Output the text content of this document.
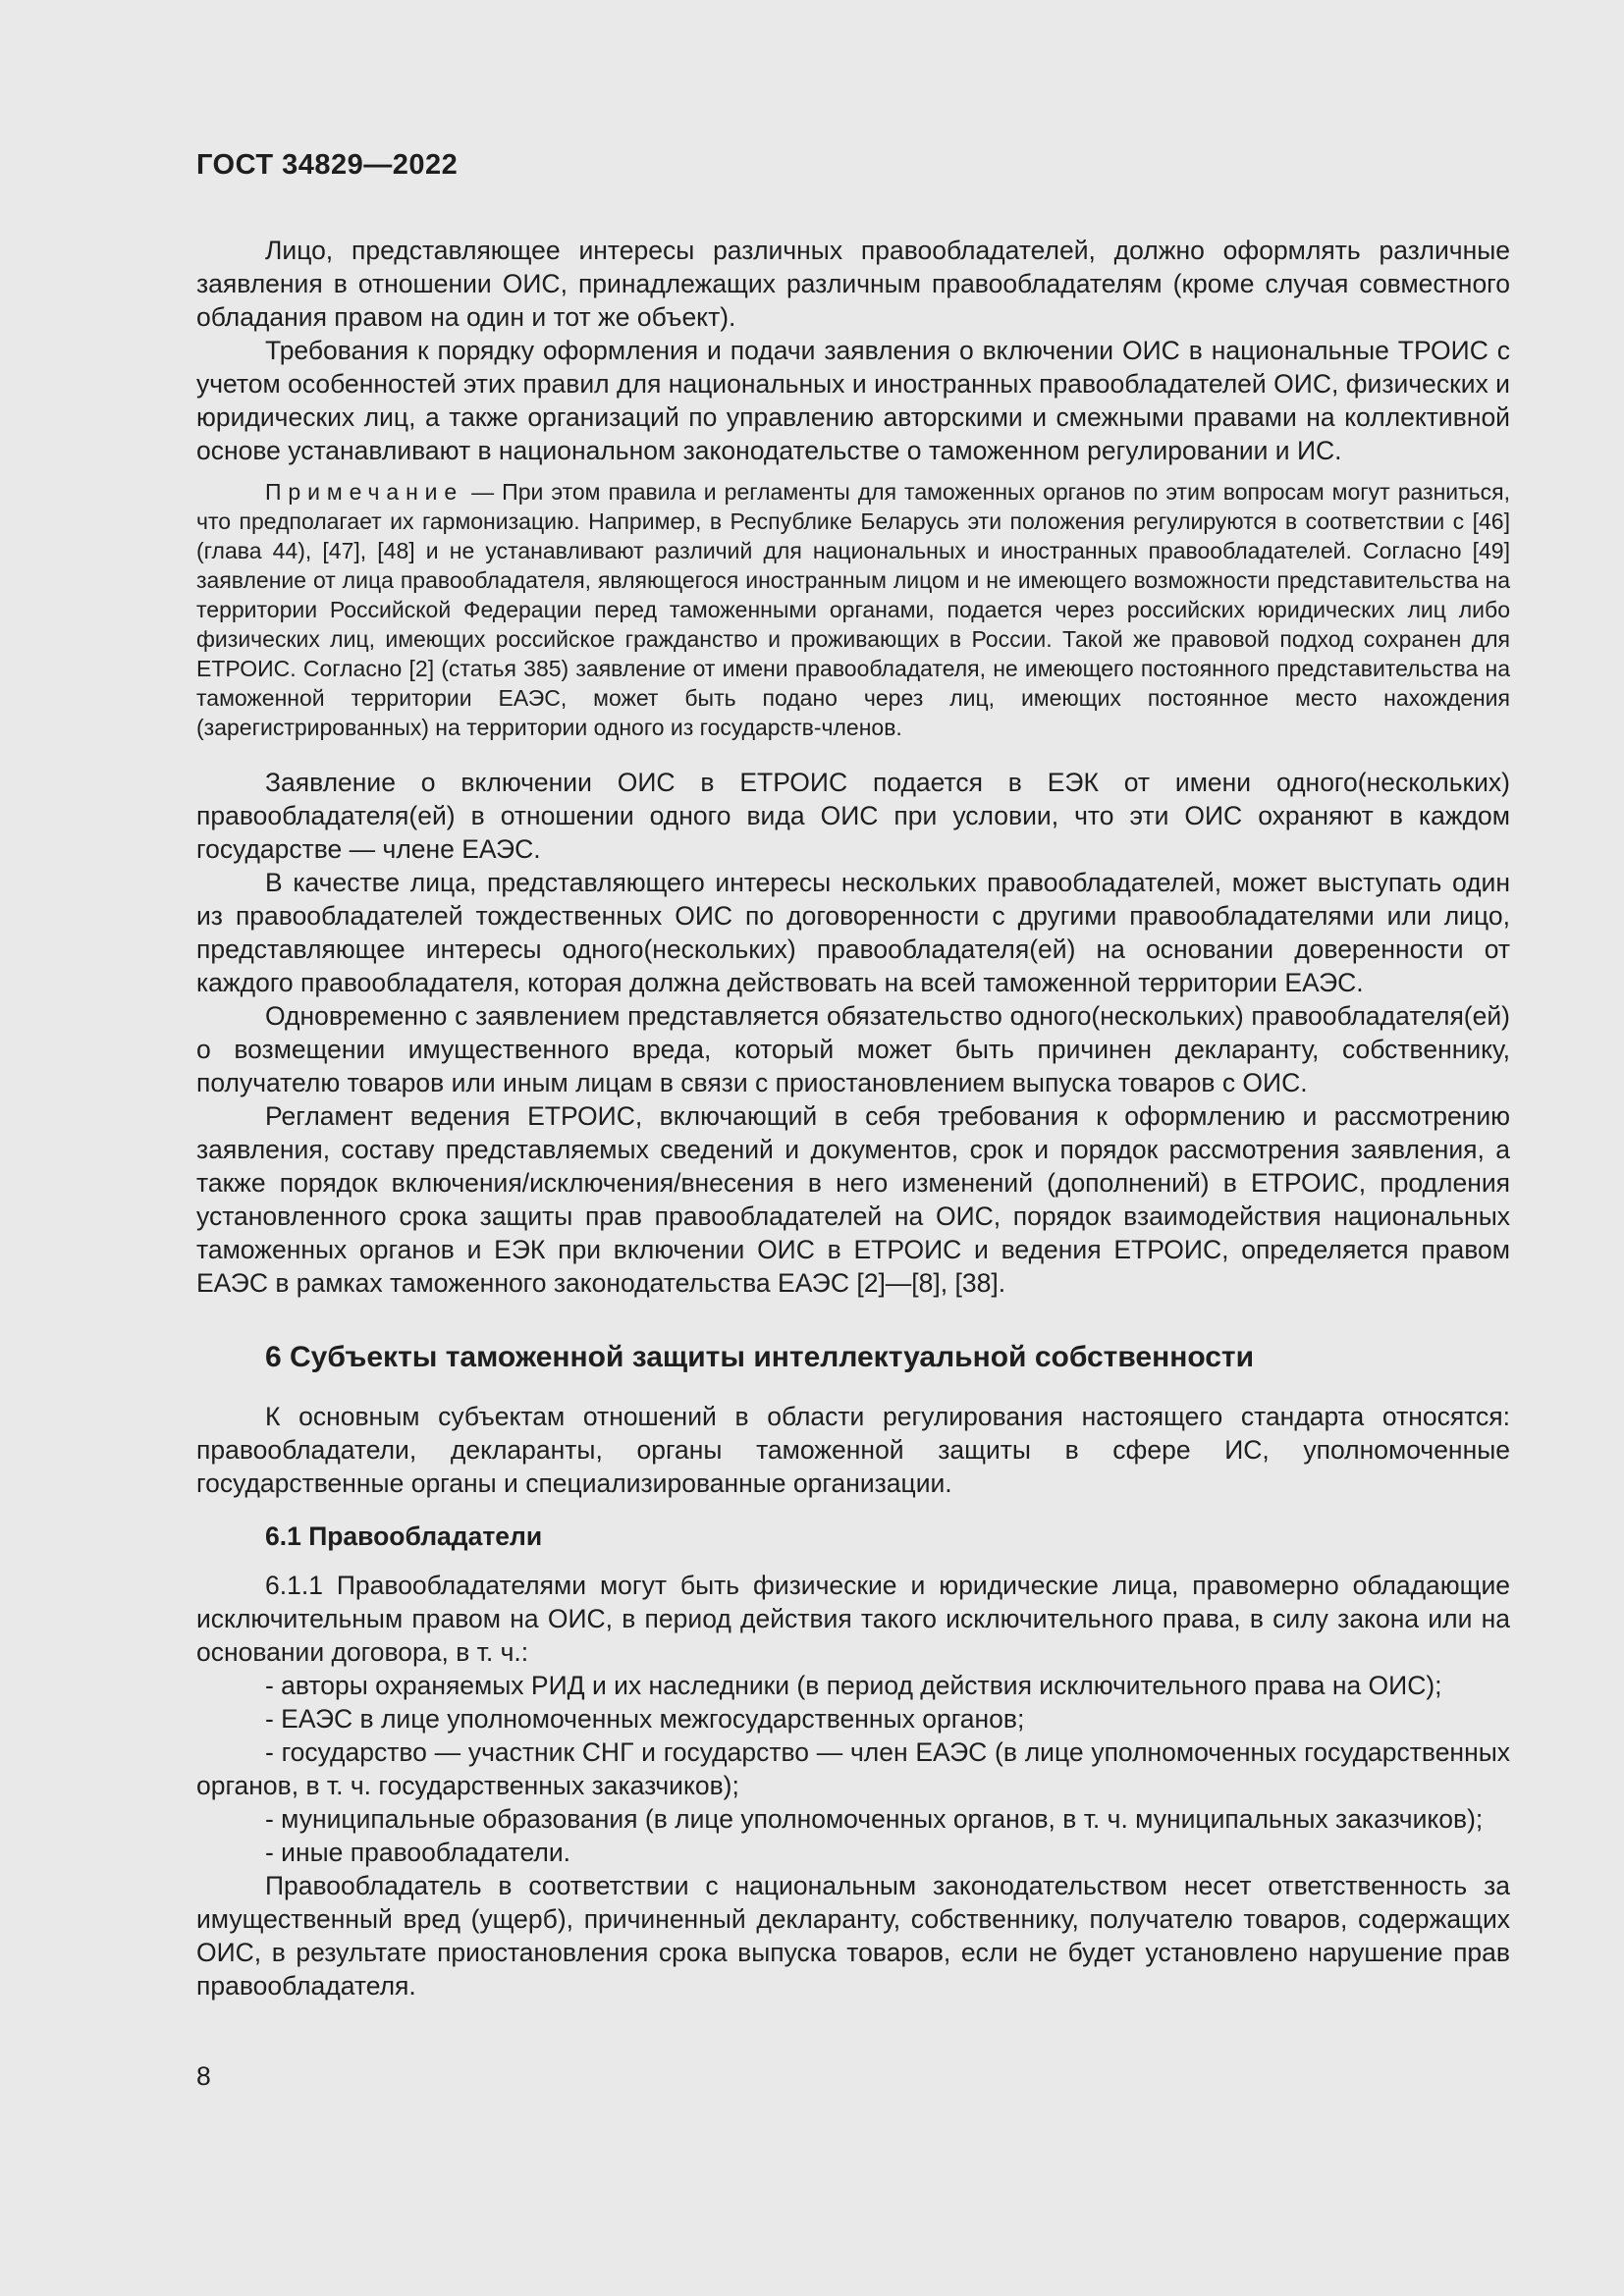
ГОСТ 34829—2022

Лицо, представляющее интересы различных правообладателей, должно оформлять различные заявления в отношении ОИС, принадлежащих различным правообладателям (кроме случая совместного обладания правом на один и тот же объект).

Требования к порядку оформления и подачи заявления о включении ОИС в национальные ТРОИС с учетом особенностей этих правил для национальных и иностранных правообладателей ОИС, физических и юридических лиц, а также организаций по управлению авторскими и смежными правами на коллективной основе устанавливают в национальном законодательстве о таможенном регулировании и ИС.

Примечание — При этом правила и регламенты для таможенных органов по этим вопросам могут разниться, что предполагает их гармонизацию. Например, в Республике Беларусь эти положения регулируются в соответствии с [46] (глава 44), [47], [48] и не устанавливают различий для национальных и иностранных правообладателей. Согласно [49] заявление от лица правообладателя, являющегося иностранным лицом и не имеющего возможности представительства на территории Российской Федерации перед таможенными органами, подается через российских юридических лиц либо физических лиц, имеющих российское гражданство и проживающих в России. Такой же правовой подход сохранен для ЕТРОИС. Согласно [2] (статья 385) заявление от имени правообладателя, не имеющего постоянного представительства на таможенной территории ЕАЭС, может быть подано через лиц, имеющих постоянное место нахождения (зарегистрированных) на территории одного из государств-членов.

Заявление о включении ОИС в ЕТРОИС подается в ЕЭК от имени одного(нескольких) правообладателя(ей) в отношении одного вида ОИС при условии, что эти ОИС охраняют в каждом государстве — члене ЕАЭС.

В качестве лица, представляющего интересы нескольких правообладателей, может выступать один из правообладателей тождественных ОИС по договоренности с другими правообладателями или лицо, представляющее интересы одного(нескольких) правообладателя(ей) на основании доверенности от каждого правообладателя, которая должна действовать на всей таможенной территории ЕАЭС.

Одновременно с заявлением представляется обязательство одного(нескольких) правообладателя(ей) о возмещении имущественного вреда, который может быть причинен декларанту, собственнику, получателю товаров или иным лицам в связи с приостановлением выпуска товаров с ОИС.

Регламент ведения ЕТРОИС, включающий в себя требования к оформлению и рассмотрению заявления, составу представляемых сведений и документов, срок и порядок рассмотрения заявления, а также порядок включения/исключения/внесения в него изменений (дополнений) в ЕТРОИС, продления установленного срока защиты прав правообладателей на ОИС, порядок взаимодействия национальных таможенных органов и ЕЭК при включении ОИС в ЕТРОИС и ведения ЕТРОИС, определяется правом ЕАЭС в рамках таможенного законодательства ЕАЭС [2]—[8], [38].

6 Субъекты таможенной защиты интеллектуальной собственности

К основным субъектам отношений в области регулирования настоящего стандарта относятся: правообладатели, декларанты, органы таможенной защиты в сфере ИС, уполномоченные государственные органы и специализированные организации.

6.1 Правообладатели

6.1.1 Правообладателями могут быть физические и юридические лица, правомерно обладающие исключительным правом на ОИС, в период действия такого исключительного права, в силу закона или на основании договора, в т. ч.:

- авторы охраняемых РИД и их наследники (в период действия исключительного права на ОИС);

- ЕАЭС в лице уполномоченных межгосударственных органов;

- государство — участник СНГ и государство — член ЕАЭС (в лице уполномоченных государственных органов, в т. ч. государственных заказчиков);

- муниципальные образования (в лице уполномоченных органов, в т. ч. муниципальных заказчиков);

- иные правообладатели.

Правообладатель в соответствии с национальным законодательством несет ответственность за имущественный вред (ущерб), причиненный декларанту, собственнику, получателю товаров, содержащих ОИС, в результате приостановления срока выпуска товаров, если не будет установлено нарушение прав правообладателя.

8
